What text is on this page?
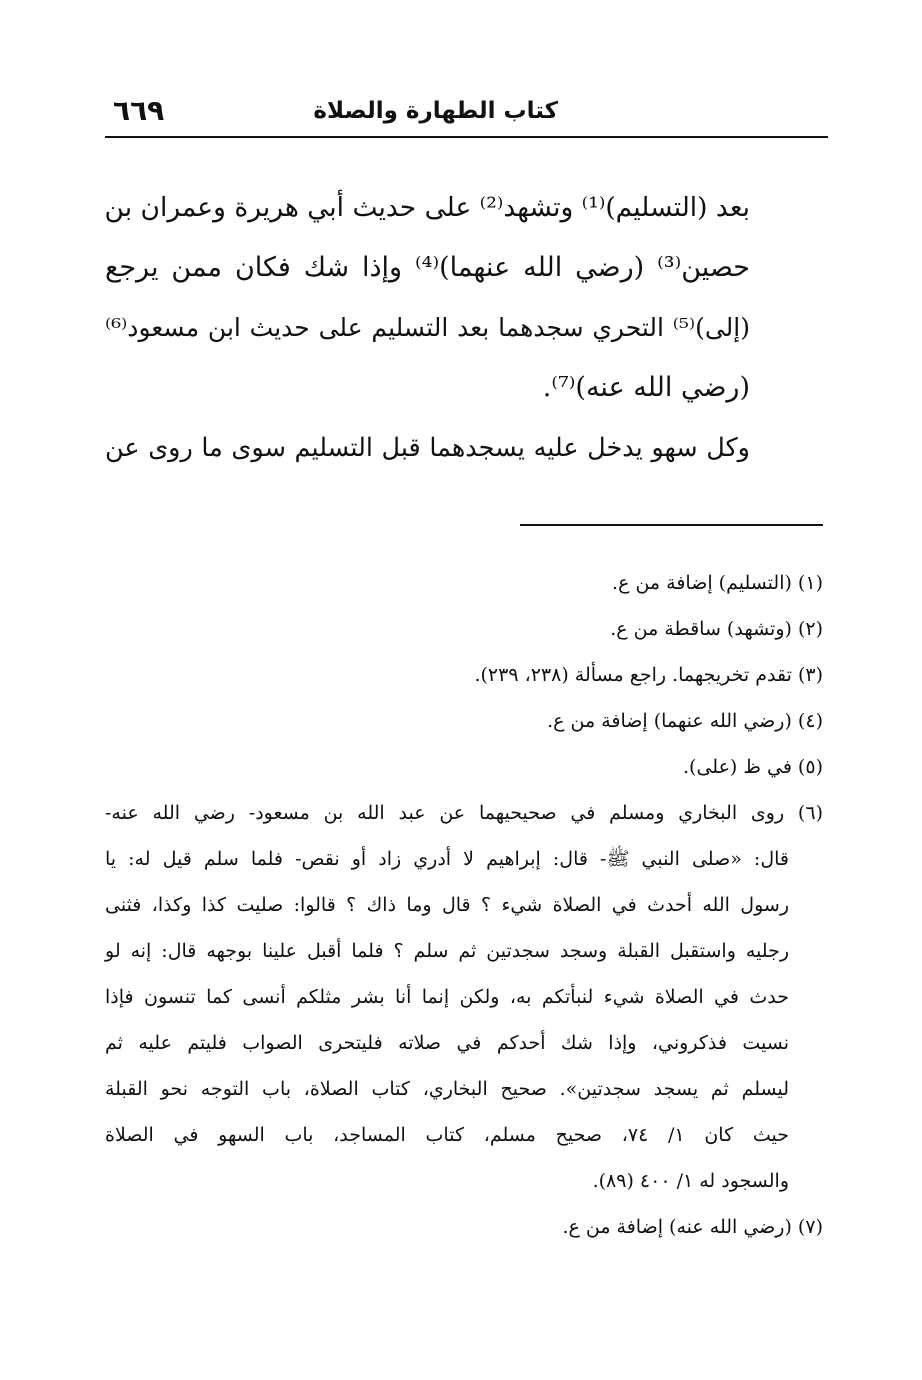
كتاب الطهارة والصلاة
٦٦٩
بعد (التسليم)⁽¹⁾ وتشهد⁽²⁾ على حديث أبي هريرة وعمران بن
حصين⁽³⁾ (رضي الله عنهما)⁽⁴⁾ وإذا شك فكان ممن يرجع
(إلى)⁽⁵⁾ التحري سجدهما بعد التسليم على حديث ابن مسعود⁽⁶⁾
(رضي الله عنه)⁽⁷⁾.
وكل سهو يدخل عليه يسجدهما قبل التسليم سوى ما روى عن
(١) (التسليم) إضافة من ع.
(٢) (وتشهد) ساقطة من ع.
(٣) تقدم تخريجهما. راجع مسألة (٢٣٨، ٢٣٩).
(٤) (رضي الله عنهما) إضافة من ع.
(٥) في ظ (على).
(٦) روى البخاري ومسلم في صحيحيهما عن عبد الله بن مسعود- رضي الله عنه-
قال: «صلى النبي ﷺ- قال: إبراهيم لا أدري زاد أو نقص- فلما سلم قيل له: يا
رسول الله أحدث في الصلاة شيء ؟ قال وما ذاك ؟ قالوا: صليت كذا وكذا، فثنى
رجليه واستقبل القبلة وسجد سجدتين ثم سلم ؟ فلما أقبل علينا بوجهه قال: إنه لو
حدث في الصلاة شيء لنبأتكم به، ولكن إنما أنا بشر مثلكم أنسى كما تنسون فإذا
نسيت فذكروني، وإذا شك أحدكم في صلاته فليتحرى الصواب فليتم عليه ثم
ليسلم ثم يسجد سجدتين». صحيح البخاري، كتاب الصلاة، باب التوجه نحو القبلة
حيث كان ١/ ٧٤، صحيح مسلم، كتاب المساجد، باب السهو في الصلاة
والسجود له ١/ ٤٠٠ (٨٩).
(٧) (رضي الله عنه) إضافة من ع.
